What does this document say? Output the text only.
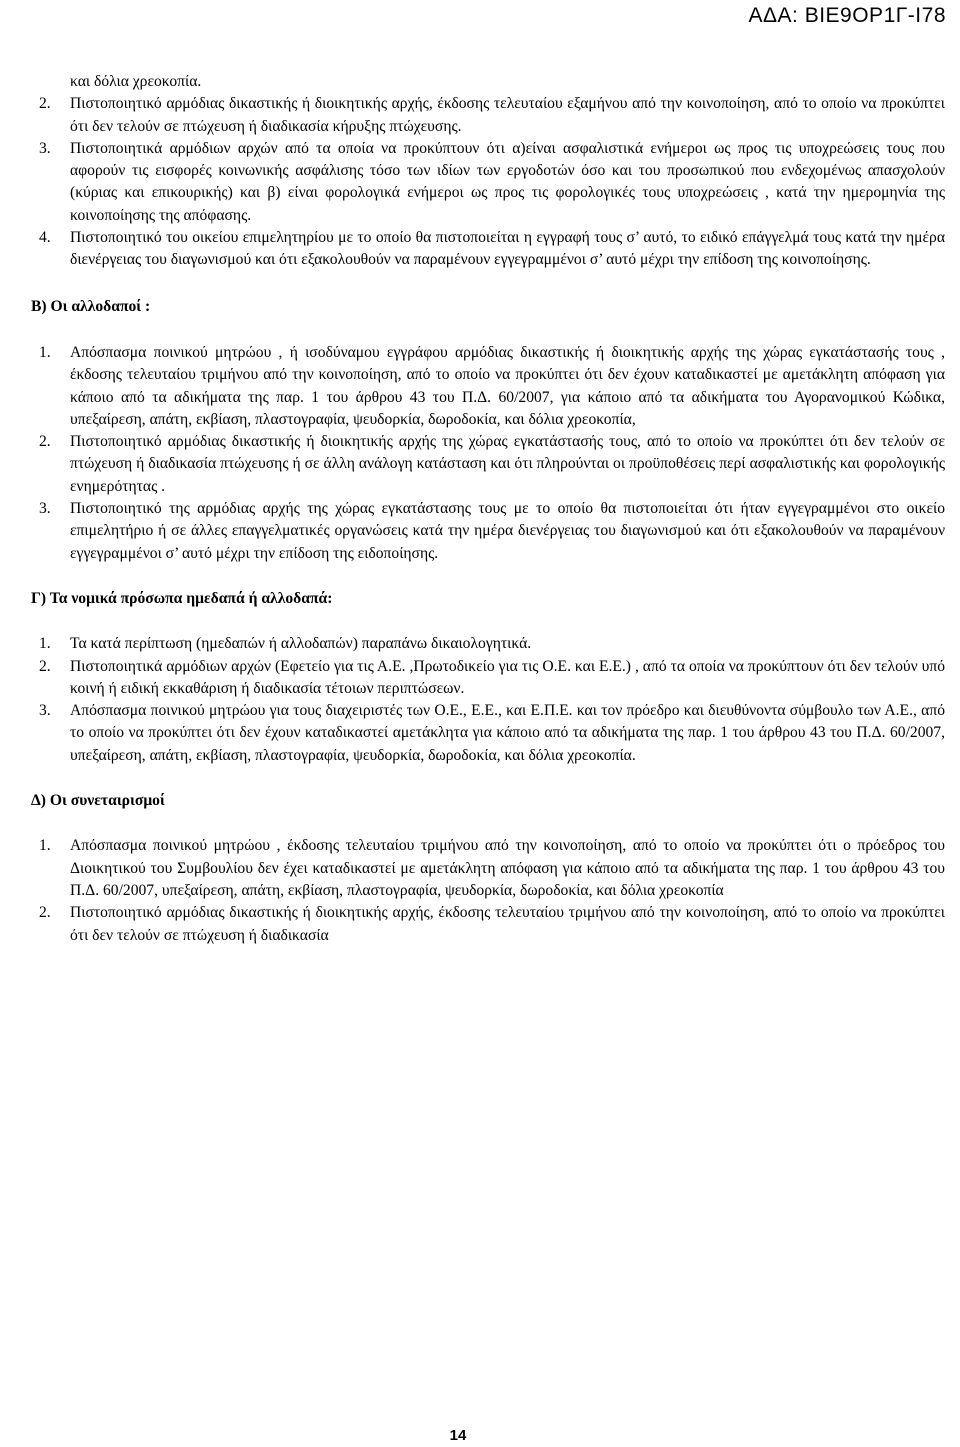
ΑΔΑ: ΒΙΕ9ΟΡ1Γ-Ι78

και δόλια χρεοκοπία.

2. Πιστοποιητικό αρμόδιας δικαστικής ή διοικητικής αρχής, έκδοσης τελευταίου εξαμήνου από την κοινοποίηση, από το οποίο να προκύπτει ότι δεν τελούν σε πτώχευση ή διαδικασία κήρυξης πτώχευσης.

3. Πιστοποιητικά αρμόδιων αρχών από τα οποία να προκύπτουν ότι α)είναι ασφαλιστικά ενήμεροι ως προς τις υποχρεώσεις τους που αφορούν τις εισφορές κοινωνικής ασφάλισης τόσο των ιδίων των εργοδοτών όσο και του προσωπικού που ενδεχομένως απασχολούν (κύριας και επικουρικής) και β) είναι φορολογικά ενήμεροι ως προς τις φορολογικές τους υποχρεώσεις , κατά την ημερομηνία της κοινοποίησης της απόφασης.

4. Πιστοποιητικό του οικείου επιμελητηρίου με το οποίο θα πιστοποιείται η εγγραφή τους σ’ αυτό, το ειδικό επάγγελμά τους κατά την ημέρα διενέργειας του διαγωνισμού και ότι εξακολουθούν να παραμένουν εγγεγραμμένοι σ’ αυτό μέχρι την επίδοση της κοινοποίησης.

Β) Οι αλλοδαποί :

1. Απόσπασμα ποινικού μητρώου , ή ισοδύναμου εγγράφου αρμόδιας δικαστικής ή διοικητικής αρχής της χώρας εγκατάστασής τους , έκδοσης τελευταίου τριμήνου από την κοινοποίηση, από το οποίο να προκύπτει ότι δεν έχουν καταδικαστεί με αμετάκλητη απόφαση για κάποιο από τα αδικήματα της παρ. 1 του άρθρου 43 του Π.Δ. 60/2007, για κάποιο από τα αδικήματα του Αγορανομικού Κώδικα, υπεξαίρεση, απάτη, εκβίαση, πλαστογραφία, ψευδορκία, δωροδοκία, και δόλια χρεοκοπία,

2. Πιστοποιητικό αρμόδιας δικαστικής ή διοικητικής αρχής της χώρας εγκατάστασής τους, από το οποίο να προκύπτει ότι δεν τελούν σε πτώχευση ή διαδικασία πτώχευσης ή σε άλλη ανάλογη κατάσταση και ότι πληρούνται οι προϋποθέσεις περί ασφαλιστικής και φορολογικής ενημερότητας .

3. Πιστοποιητικό της αρμόδιας αρχής της χώρας εγκατάστασης τους με το οποίο θα πιστοποιείται ότι ήταν εγγεγραμμένοι στο οικείο επιμελητήριο ή σε άλλες επαγγελματικές οργανώσεις κατά την ημέρα διενέργειας του διαγωνισμού και ότι εξακολουθούν να παραμένουν εγγεγραμμένοι σ’ αυτό μέχρι την επίδοση της ειδοποίησης.

Γ) Τα νομικά πρόσωπα ημεδαπά ή αλλοδαπά:

1. Τα κατά περίπτωση (ημεδαπών ή αλλοδαπών) παραπάνω δικαιολογητικά.

2. Πιστοποιητικά αρμόδιων αρχών (Εφετείο για τις Α.Ε. ,Πρωτοδικείο για τις Ο.Ε. και Ε.Ε.) , από τα οποία να προκύπτουν ότι δεν τελούν υπό κοινή ή ειδική εκκαθάριση ή διαδικασία τέτοιων περιπτώσεων.

3. Απόσπασμα ποινικού μητρώου για τους διαχειριστές των Ο.Ε., Ε.Ε., και Ε.Π.Ε. και τον πρόεδρο και διευθύνοντα σύμβουλο των Α.Ε., από το οποίο να προκύπτει ότι δεν έχουν καταδικαστεί αμετάκλητα για κάποιο από τα αδικήματα της παρ. 1 του άρθρου 43 του Π.Δ. 60/2007, υπεξαίρεση, απάτη, εκβίαση, πλαστογραφία, ψευδορκία, δωροδοκία, και δόλια χρεοκοπία.

Δ) Οι συνεταιρισμοί

1. Απόσπασμα ποινικού μητρώου , έκδοσης τελευταίου τριμήνου από την κοινοποίηση, από το οποίο να προκύπτει ότι ο πρόεδρος του Διοικητικού του Συμβουλίου δεν έχει καταδικαστεί με αμετάκλητη απόφαση για κάποιο από τα αδικήματα της παρ. 1 του άρθρου 43 του Π.Δ. 60/2007, υπεξαίρεση, απάτη, εκβίαση, πλαστογραφία, ψευδορκία, δωροδοκία, και δόλια χρεοκοπία

2. Πιστοποιητικό αρμόδιας δικαστικής ή διοικητικής αρχής, έκδοσης τελευταίου τριμήνου από την κοινοποίηση, από το οποίο να προκύπτει ότι δεν τελούν σε πτώχευση ή διαδικασία

14
